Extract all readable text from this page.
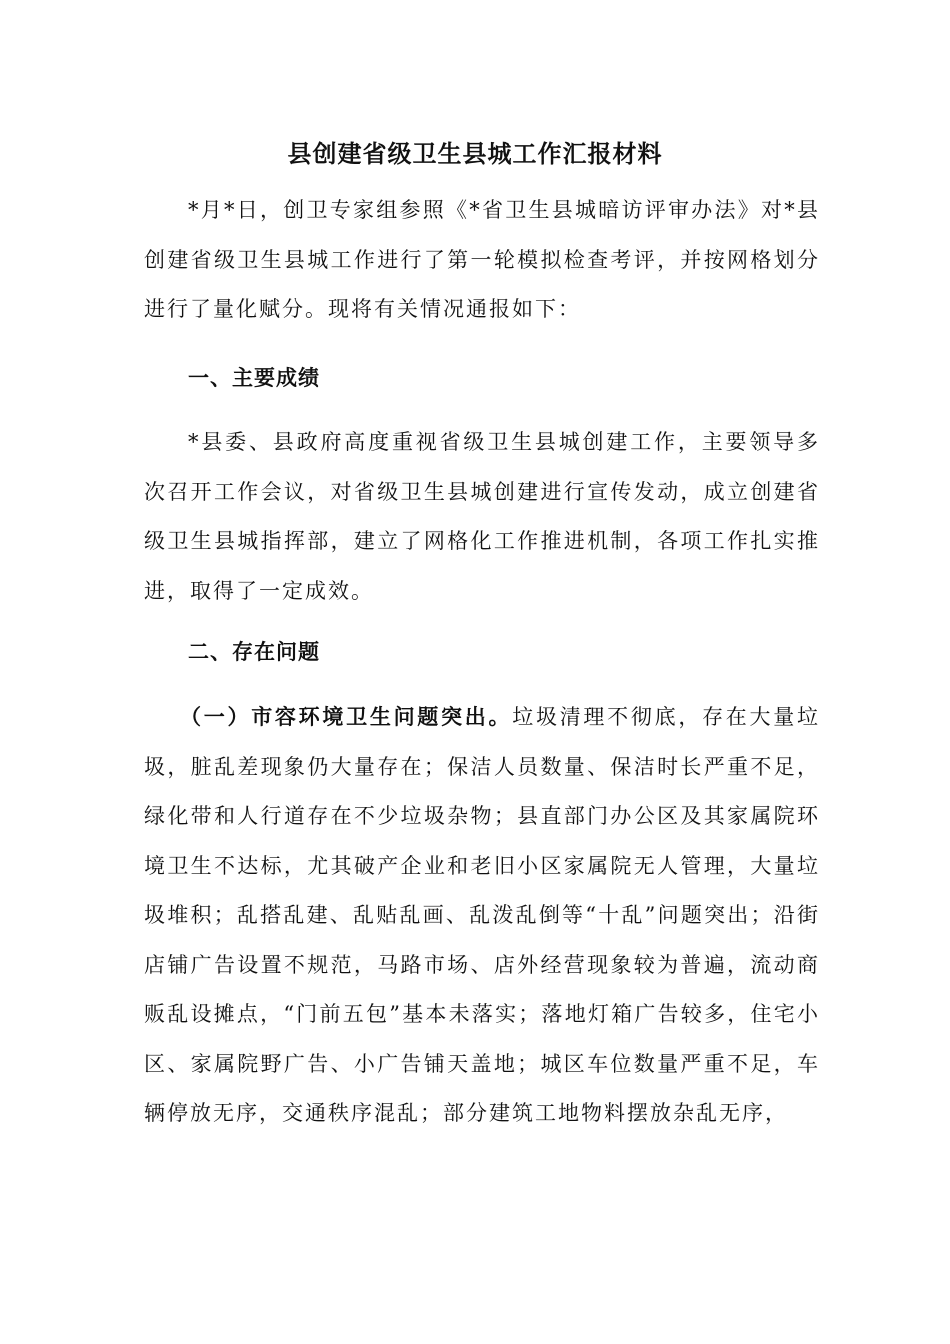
县创建省级卫生县城工作汇报材料

*月*日，创卫专家组参照《*省卫生县城暗访评审办法》对*县创建省级卫生县城工作进行了第一轮模拟检查考评，并按网格划分进行了量化赋分。现将有关情况通报如下：

一、主要成绩

*县委、县政府高度重视省级卫生县城创建工作，主要领导多次召开工作会议，对省级卫生县城创建进行宣传发动，成立创建省级卫生县城指挥部，建立了网格化工作推进机制，各项工作扎实推进，取得了一定成效。

二、存在问题

（一）市容环境卫生问题突出。垃圾清理不彻底，存在大量垃圾，脏乱差现象仍大量存在；保洁人员数量、保洁时长严重不足，绿化带和人行道存在不少垃圾杂物；县直部门办公区及其家属院环境卫生不达标，尤其破产企业和老旧小区家属院无人管理，大量垃圾堆积；乱搭乱建、乱贴乱画、乱泼乱倒等“十乱”问题突出；沿街店铺广告设置不规范，马路市场、店外经营现象较为普遍，流动商贩乱设摊点，“门前五包”基本未落实；落地灯箱广告较多，住宅小区、家属院野广告、小广告铺天盖地；城区车位数量严重不足，车辆停放无序，交通秩序混乱；部分建筑工地物料摆放杂乱无序，
